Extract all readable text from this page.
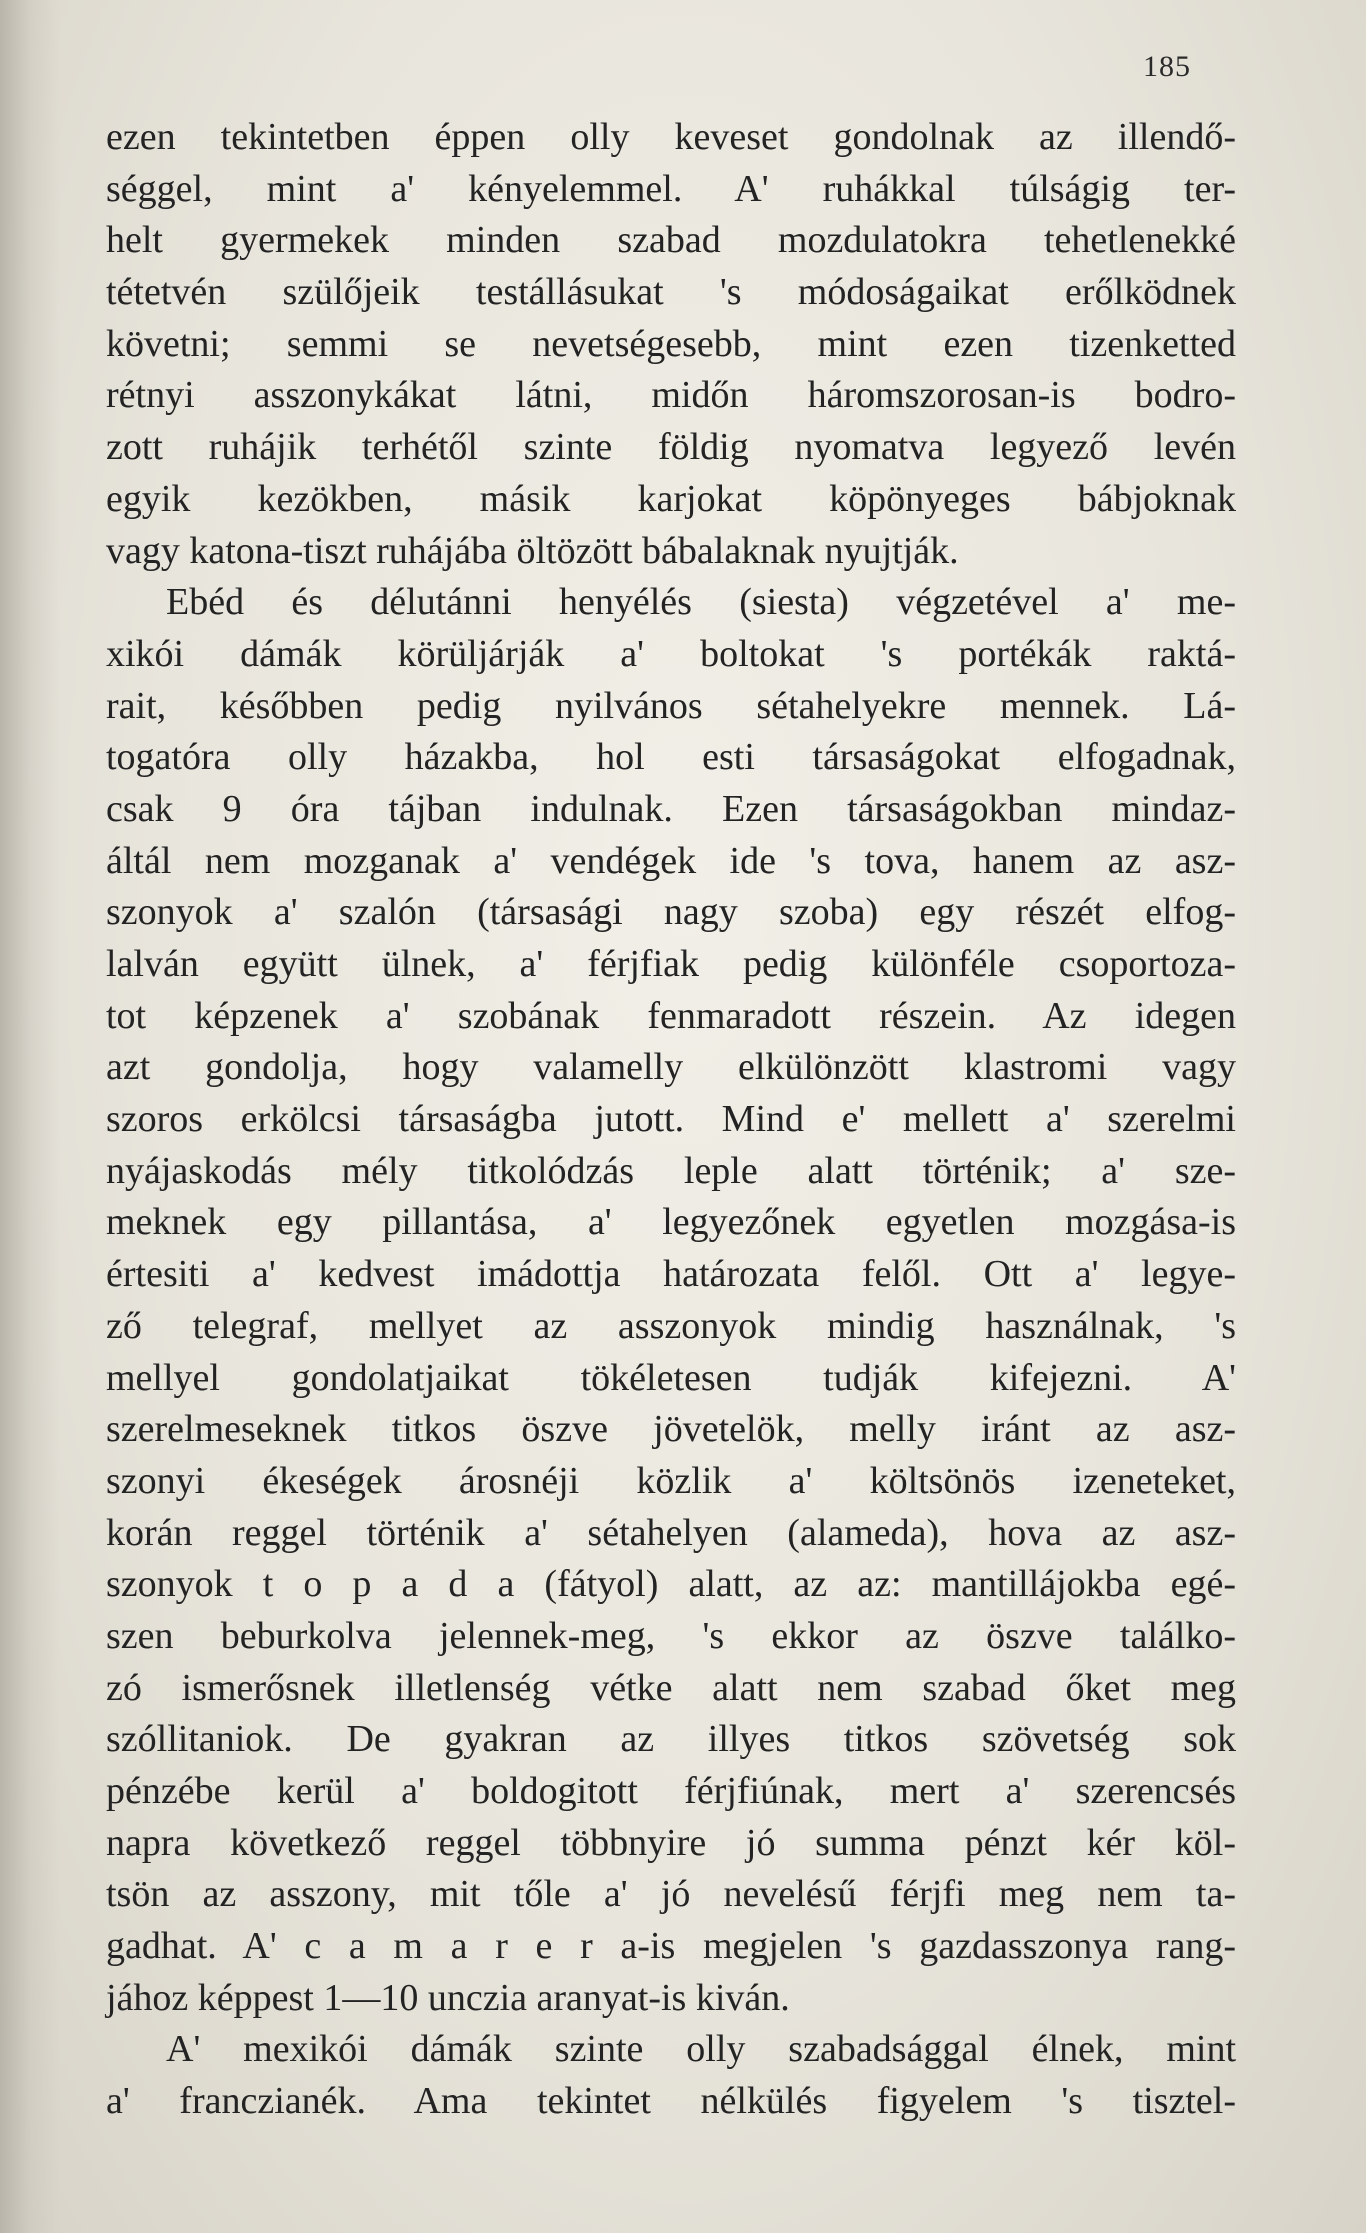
185
ezen tekintetben éppen olly keveset gondolnak az illendő-
séggel, mint a' kényelemmel. A' ruhákkal túlságig ter-
helt gyermekek minden szabad mozdulatokra tehetlenekké
tétetvén szülőjeik testállásukat 's módoságaikat erőlködnek
követni; semmi se nevetségesebb, mint ezen tizenketted
rétnyi asszonykákat látni, midőn háromszorosan-is bodro-
zott ruhájik terhétől szinte földig nyomatva legyező levén
egyik kezökben, másik karjokat köpönyeges bábjoknak
vagy katona-tiszt ruhájába öltözött bábalaknak nyujtják.
Ebéd és délutánni henyélés (siesta) végzetével a' me-
xikói dámák körüljárják a' boltokat 's portékák raktá-
rait, későbben pedig nyilvános sétahelyekre mennek. Lá-
togatóra olly házakba, hol esti társaságokat elfogadnak,
csak 9 óra tájban indulnak. Ezen társaságokban mindaz-
áltál nem mozganak a' vendégek ide 's tova, hanem az asz-
szonyok a' szalón (társasági nagy szoba) egy részét elfog-
lalván együtt ülnek, a' férjfiak pedig különféle csoportoza-
tot képzenek a' szobának fenmaradott részein. Az idegen
azt gondolja, hogy valamelly elkülönzött klastromi vagy
szoros erkölcsi társaságba jutott. Mind e' mellett a' szerelmi
nyájaskodás mély titkolódzás leple alatt történik; a' sze-
meknek egy pillantása, a' legyezőnek egyetlen mozgása-is
értesiti a' kedvest imádottja határozata felől. Ott a' legye-
ző telegraf, mellyet az asszonyok mindig használnak, 's
mellyel gondolatjaikat tökéletesen tudják kifejezni. A'
szerelmeseknek titkos öszve jövetelök, melly iránt az asz-
szonyi ékeségek árosnéji közlik a' költsönös izeneteket,
korán reggel történik a' sétahelyen (alameda), hova az asz-
szonyok t o p a d a (fátyol) alatt, az az: mantillájokba egé-
szen beburkolva jelennek-meg, 's ekkor az öszve találko-
zó ismerősnek illetlenség vétke alatt nem szabad őket meg
szóllitaniok. De gyakran az illyes titkos szövetség sok
pénzébe kerül a' boldogitott férjfiúnak, mert a' szerencsés
napra következő reggel többnyire jó summa pénzt kér köl-
tsön az asszony, mit tőle a' jó nevelésű férjfi meg nem ta-
gadhat. A' c a m a r e r a-is megjelen 's gazdasszonya rang-
jához képpest 1—10 unczia aranyat-is kiván.
A' mexikói dámák szinte olly szabadsággal élnek, mint
a' franczianék. Ama tekintet nélkülés figyelem 's tisztel-
